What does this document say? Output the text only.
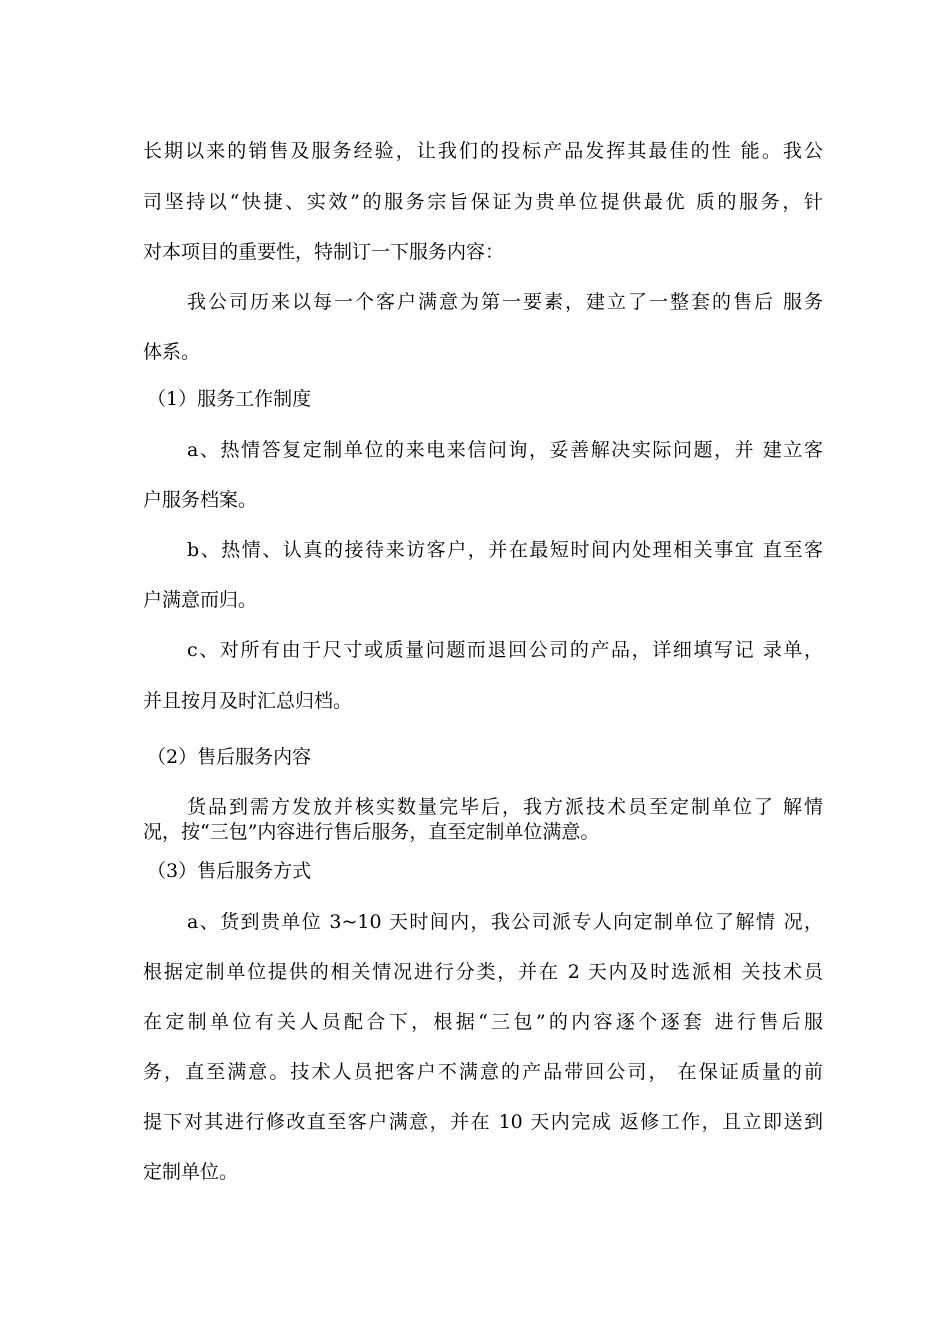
长期以来的销售及服务经验，让我们的投标产品发挥其最佳的性 能。我公
司坚持以“快捷、实效”的服务宗旨保证为贵单位提供最优 质的服务，针
对本项目的重要性，特制订一下服务内容：
我公司历来以每一个客户满意为第一要素，建立了一整套的售后 服务
体系。
（1）服务工作制度
a、热情答复定制单位的来电来信问询，妥善解决实际问题，并 建立客
户服务档案。
b、热情、认真的接待来访客户，并在最短时间内处理相关事宜 直至客
户满意而归。
c、对所有由于尺寸或质量问题而退回公司的产品，详细填写记 录单，
并且按月及时汇总归档。
（2）售后服务内容
货品到需方发放并核实数量完毕后，我方派技术员至定制单位了 解情
况，按“三包”内容进行售后服务，直至定制单位满意。
（3）售后服务方式
a、货到贵单位 3~10 天时间内，我公司派专人向定制单位了解情 况，
根据定制单位提供的相关情况进行分类，并在 2 天内及时选派相 关技术员
在定制单位有关人员配合下，根据“三包”的内容逐个逐套 进行售后服
务，直至满意。技术人员把客户不满意的产品带回公司， 在保证质量的前
提下对其进行修改直至客户满意，并在 10 天内完成 返修工作，且立即送到
定制单位。
